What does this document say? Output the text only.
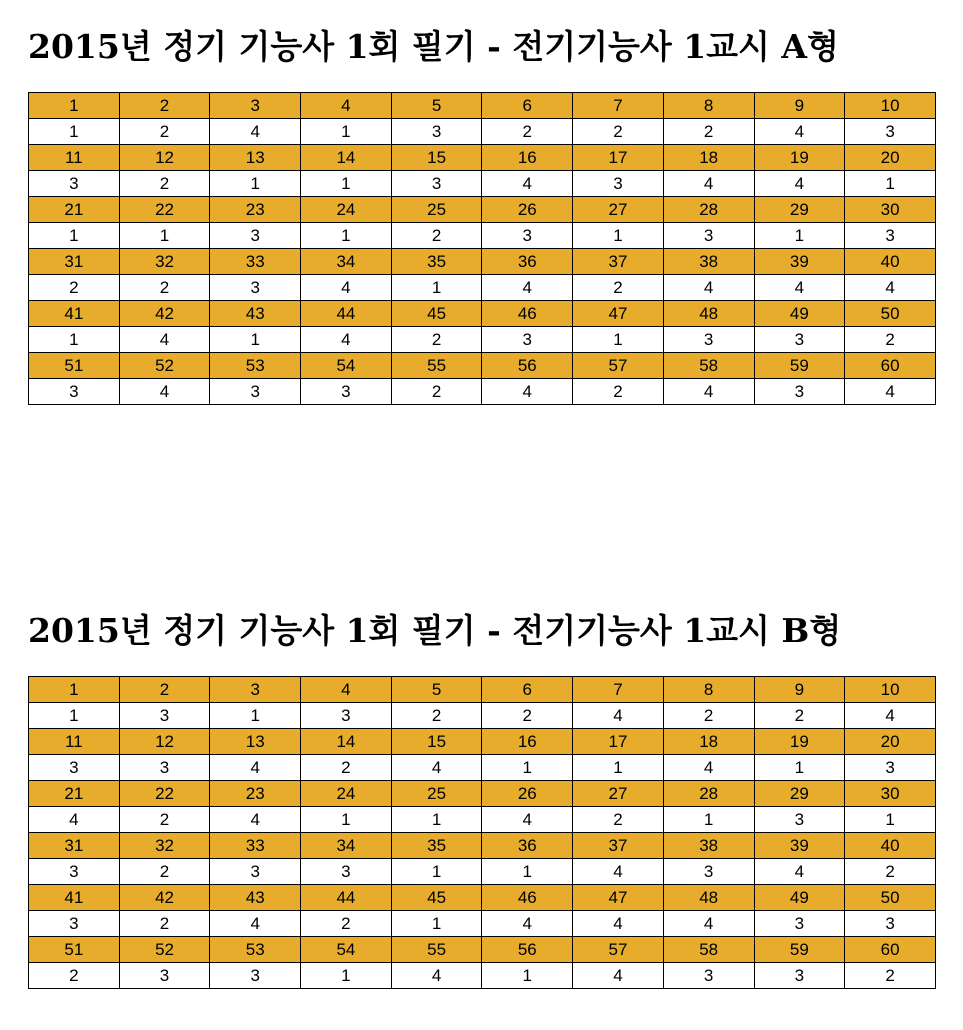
2015년 정기 기능사 1회 필기 - 전기기능사 1교시 A형
1	2	3	4	5	6	7	8	9	10
1	2	4	1	3	2	2	2	4	3
11	12	13	14	15	16	17	18	19	20
3	2	1	1	3	4	3	4	4	1
21	22	23	24	25	26	27	28	29	30
1	1	3	1	2	3	1	3	1	3
31	32	33	34	35	36	37	38	39	40
2	2	3	4	1	4	2	4	4	4
41	42	43	44	45	46	47	48	49	50
1	4	1	4	2	3	1	3	3	2
51	52	53	54	55	56	57	58	59	60
3	4	3	3	2	4	2	4	3	4
2015년 정기 기능사 1회 필기 - 전기기능사 1교시 B형
1	2	3	4	5	6	7	8	9	10
1	3	1	3	2	2	4	2	2	4
11	12	13	14	15	16	17	18	19	20
3	3	4	2	4	1	1	4	1	3
21	22	23	24	25	26	27	28	29	30
4	2	4	1	1	4	2	1	3	1
31	32	33	34	35	36	37	38	39	40
3	2	3	3	1	1	4	3	4	2
41	42	43	44	45	46	47	48	49	50
3	2	4	2	1	4	4	4	3	3
51	52	53	54	55	56	57	58	59	60
2	3	3	1	4	1	4	3	3	2
